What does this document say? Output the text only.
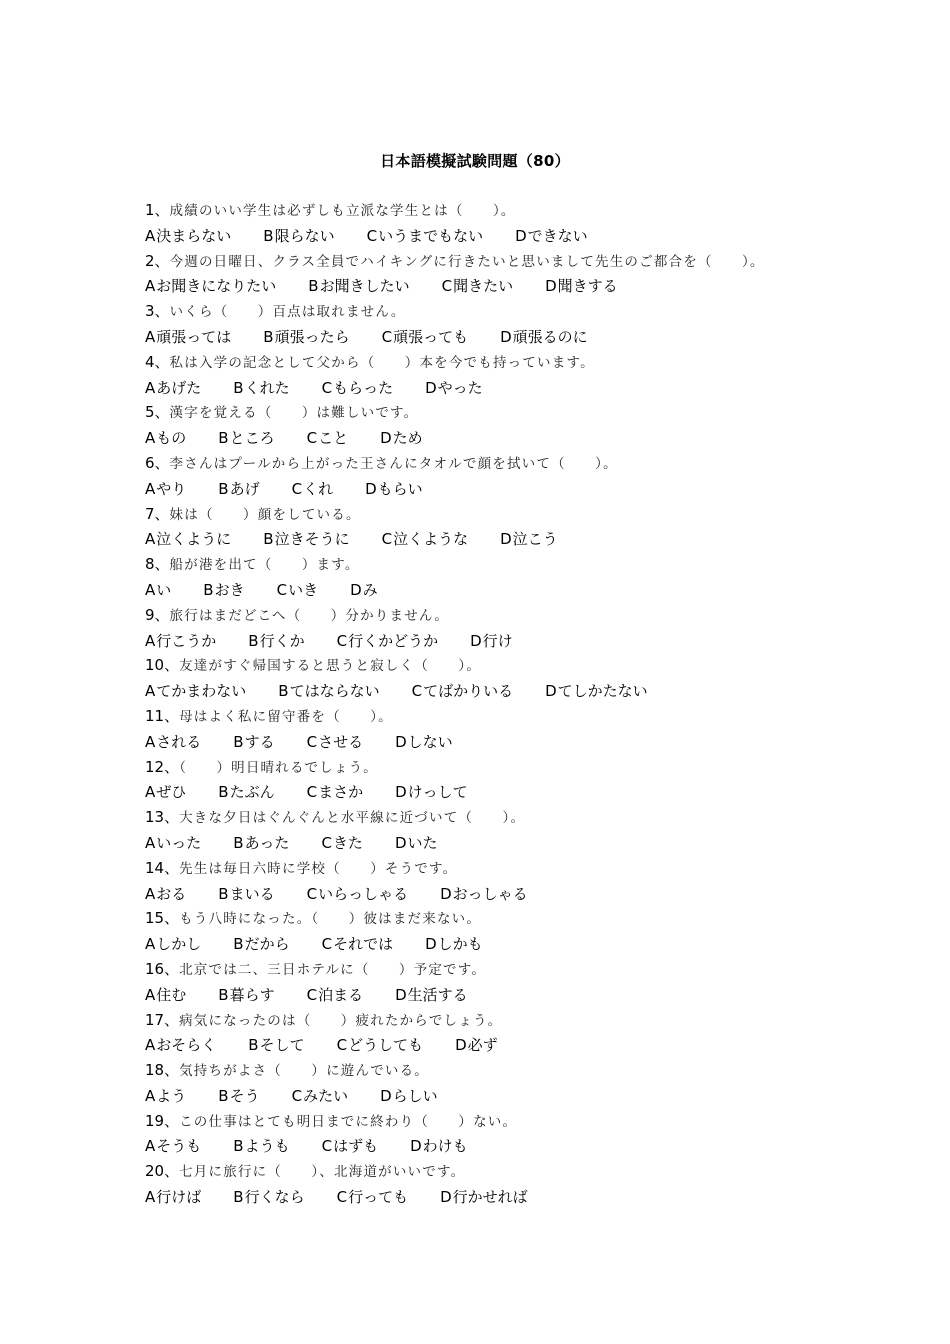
日本語模擬試験問題（80）
1、成績のいい学生は必ずしも立派な学生とは（　　）。
A決まらない B限らない Cいうまでもない Dできない
2、今週の日曜日、クラス全員でハイキングに行きたいと思いまして先生のご都合を（　　）。
Aお聞きになりたい Bお聞きしたい C聞きたい D聞きする
3、いくら（　　）百点は取れません。
A頑張っては B頑張ったら C頑張っても D頑張るのに
4、私は入学の記念として父から（　　）本を今でも持っています。
Aあげた Bくれた Cもらった Dやった
5、漢字を覚える（　　）は難しいです。
Aもの Bところ Cこと Dため
6、李さんはプールから上がった王さんにタオルで顔を拭いて（　　）。
Aやり Bあげ Cくれ Dもらい
7、妹は（　　）顔をしている。
A泣くように B泣きそうに C泣くような D泣こう
8、船が港を出て（　　）ます。
Aい Bおき Cいき Dみ
9、旅行はまだどこへ（　　）分かりません。
A行こうか B行くか C行くかどうか D行け
10、友達がすぐ帰国すると思うと寂しく（　　）。
Aてかまわない Bてはならない Cてばかりいる Dてしかたない
11、母はよく私に留守番を（　　）。
Aされる Bする Cさせる Dしない
12、（　　）明日晴れるでしょう。
Aぜひ Bたぶん Cまさか Dけっして
13、大きな夕日はぐんぐんと水平線に近づいて（　　）。
Aいった Bあった Cきた Dいた
14、先生は毎日六時に学校（　　）そうです。
Aおる Bまいる Cいらっしゃる Dおっしゃる
15、もう八時になった。（　　）彼はまだ来ない。
Aしかし Bだから Cそれでは Dしかも
16、北京では二、三日ホテルに（　　）予定です。
A住む B暮らす C泊まる D生活する
17、病気になったのは（　　）疲れたからでしょう。
Aおそらく Bそして Cどうしても D必ず
18、気持ちがよさ（　　）に遊んでいる。
Aよう Bそう Cみたい Dらしい
19、この仕事はとても明日までに終わり（　　）ない。
Aそうも Bようも Cはずも Dわけも
20、七月に旅行に（　　）、北海道がいいです。
A行けば B行くなら C行っても D行かせれば
